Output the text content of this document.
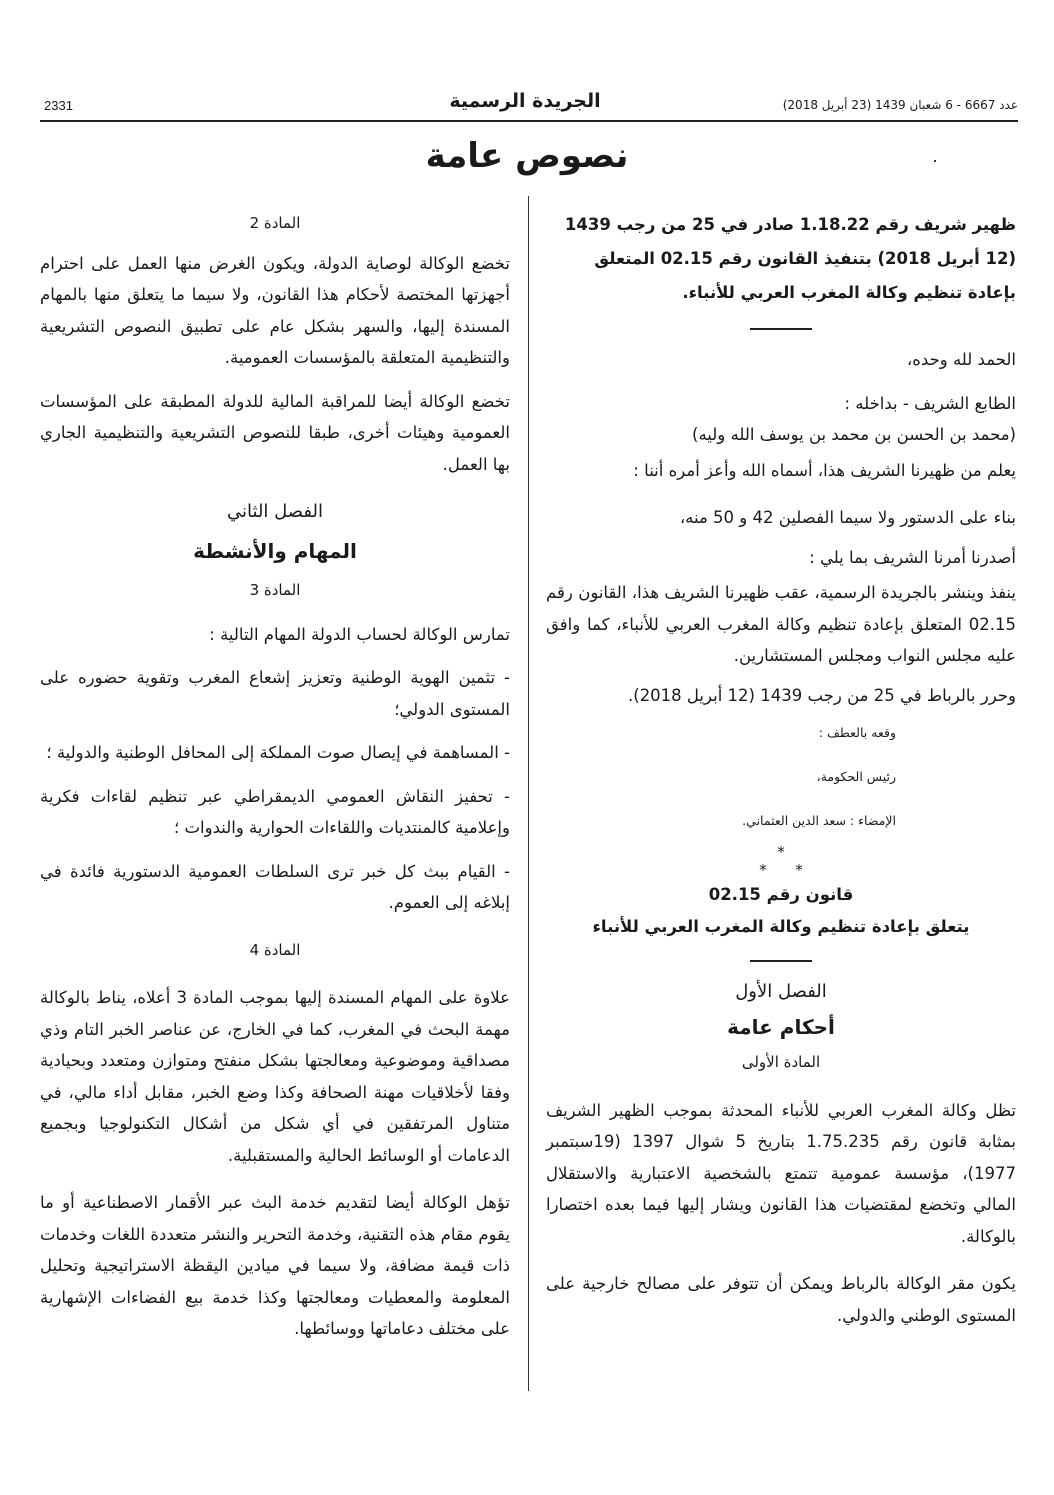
2331	الجريدة الرسمية	عدد 6667 - 6 شعبان 1439 (23 أبريل 2018)
نصوص عامة

ظهير شريف رقم 1.18.22 صادر في 25 من رجب 1439 (12 أبريل 2018) بتنفيذ القانون رقم 02.15 المتعلق بإعادة تنظيم وكالة المغرب العربي للأنباء.

الحمد لله وحده،

الطابع الشريف - بداخله :

(محمد بن الحسن بن محمد بن يوسف الله وليه)

يعلم من ظهيرنا الشريف هذا، أسماه الله وأعز أمره أننا :

بناء على الدستور ولا سيما الفصلين 42 و 50 منه،

أصدرنا أمرنا الشريف بما يلي :

ينفذ وينشر بالجريدة الرسمية، عقب ظهيرنا الشريف هذا، القانون رقم 02.15 المتعلق بإعادة تنظيم وكالة المغرب العربي للأنباء، كما وافق عليه مجلس النواب ومجلس المستشارين.

وحرر بالرباط في 25 من رجب 1439 (12 أبريل 2018).

وقعه بالعطف :
رئيس الحكومة،
الإمضاء : سعد الدين العثماني.
*
*      *

قانون رقم 02.15

يتعلق بإعادة تنظيم وكالة المغرب العربي للأنباء

الفصل الأول

أحكام عامة

المادة الأولى

تظل وكالة المغرب العربي للأنباء المحدثة بموجب الظهير الشريف بمثابة قانون رقم 1.75.235 بتاريخ 5 شوال 1397 (19سبتمبر 1977)، مؤسسة عمومية تتمتع بالشخصية الاعتبارية والاستقلال المالي وتخضع لمقتضيات هذا القانون ويشار إليها فيما بعده اختصارا بالوكالة.

يكون مقر الوكالة بالرباط ويمكن أن تتوفر على مصالح خارجية على المستوى الوطني والدولي.

المادة 2

تخضع الوكالة لوصاية الدولة، ويكون الغرض منها العمل على احترام أجهزتها المختصة لأحكام هذا القانون، ولا سيما ما يتعلق منها بالمهام المسندة إليها، والسهر بشكل عام على تطبيق النصوص التشريعية والتنظيمية المتعلقة بالمؤسسات العمومية.

تخضع الوكالة أيضا للمراقبة المالية للدولة المطبقة على المؤسسات العمومية وهيئات أخرى، طبقا للنصوص التشريعية والتنظيمية الجاري بها العمل.

الفصل الثاني

المهام والأنشطة

المادة 3

تمارس الوكالة لحساب الدولة المهام التالية :

- تثمين الهوية الوطنية وتعزيز إشعاع المغرب وتقوية حضوره على المستوى الدولي؛

- المساهمة في إيصال صوت المملكة إلى المحافل الوطنية والدولية ؛

- تحفيز النقاش العمومي الديمقراطي عبر تنظيم لقاءات فكرية وإعلامية كالمنتديات واللقاءات الحوارية والندوات ؛

- القيام ببث كل خبر ترى السلطات العمومية الدستورية فائدة في إبلاغه إلى العموم.

المادة 4

علاوة على المهام المسندة إليها بموجب المادة 3 أعلاه، يناط بالوكالة مهمة البحث في المغرب، كما في الخارج، عن عناصر الخبر التام وذي مصداقية وموضوعية ومعالجتها بشكل منفتح ومتوازن ومتعدد وبحيادية وفقا لأخلاقيات مهنة الصحافة وكذا وضع الخبر، مقابل أداء مالي، في متناول المرتفقين في أي شكل من أشكال التكنولوجيا وبجميع الدعامات أو الوسائط الحالية والمستقبلية.

تؤهل الوكالة أيضا لتقديم خدمة البث عبر الأقمار الاصطناعية أو ما يقوم مقام هذه التقنية، وخدمة التحرير والنشر متعددة اللغات وخدمات ذات قيمة مضافة، ولا سيما في ميادين اليقظة الاستراتيجية وتحليل المعلومة والمعطيات ومعالجتها وكذا خدمة بيع الفضاءات الإشهارية على مختلف دعاماتها ووسائطها.
